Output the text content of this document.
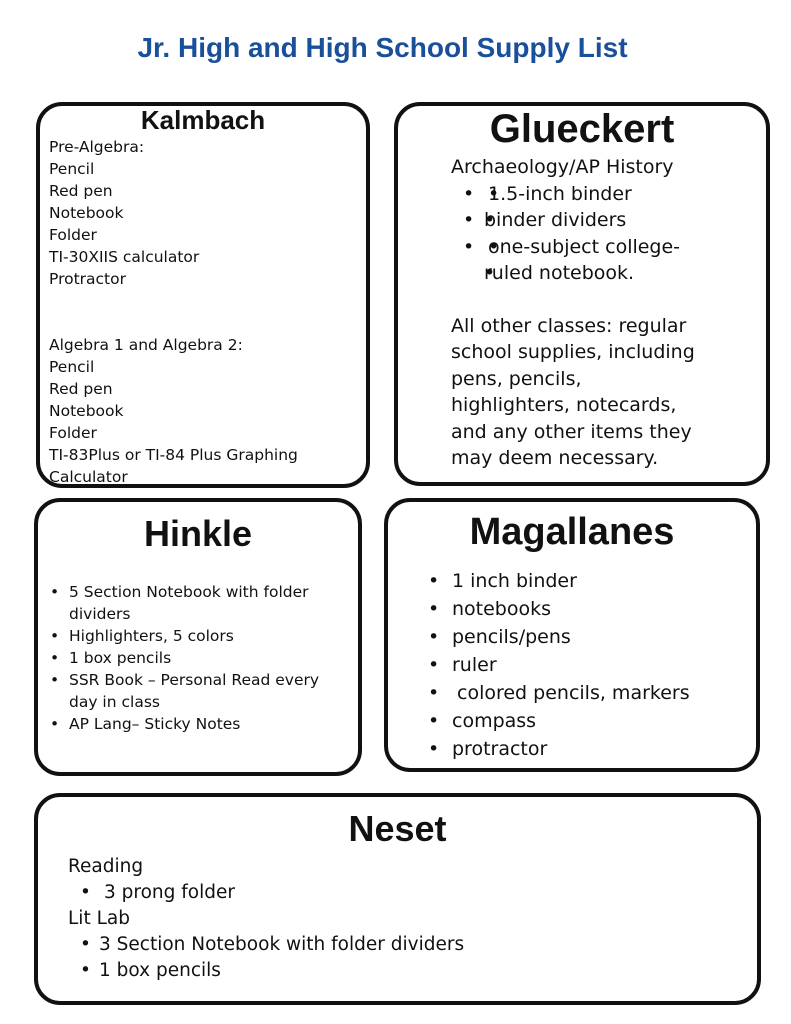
Jr. High and High School Supply List
Kalmbach
Pre-Algebra:
Pencil
Red pen
Notebook
Folder
TI-30XIIS calculator
Protractor
Algebra 1 and Algebra 2:
Pencil
Red pen
Notebook
Folder
TI-83Plus or TI-84 Plus Graphing
Calculator
Glueckert
Archaeology/AP History
• • 1.5-inch binder
• • binder dividers
• • one-subject college-
• ruled notebook.
All other classes: regular
school supplies, including
pens, pencils,
highlighters, notecards,
and any other items they
may deem necessary.
Hinkle
• 5 Section Notebook with folder
dividers
• Highlighters, 5 colors
• 1 box pencils
• SSR Book – Personal Read every
day in class
• AP Lang– Sticky Notes
Magallanes
• 1 inch binder
• notebooks
• pencils/pens
• ruler
• colored pencils, markers
• compass
• protractor
Neset
Reading
• 3 prong folder
Lit Lab
• 3 Section Notebook with folder dividers
• 1 box pencils
